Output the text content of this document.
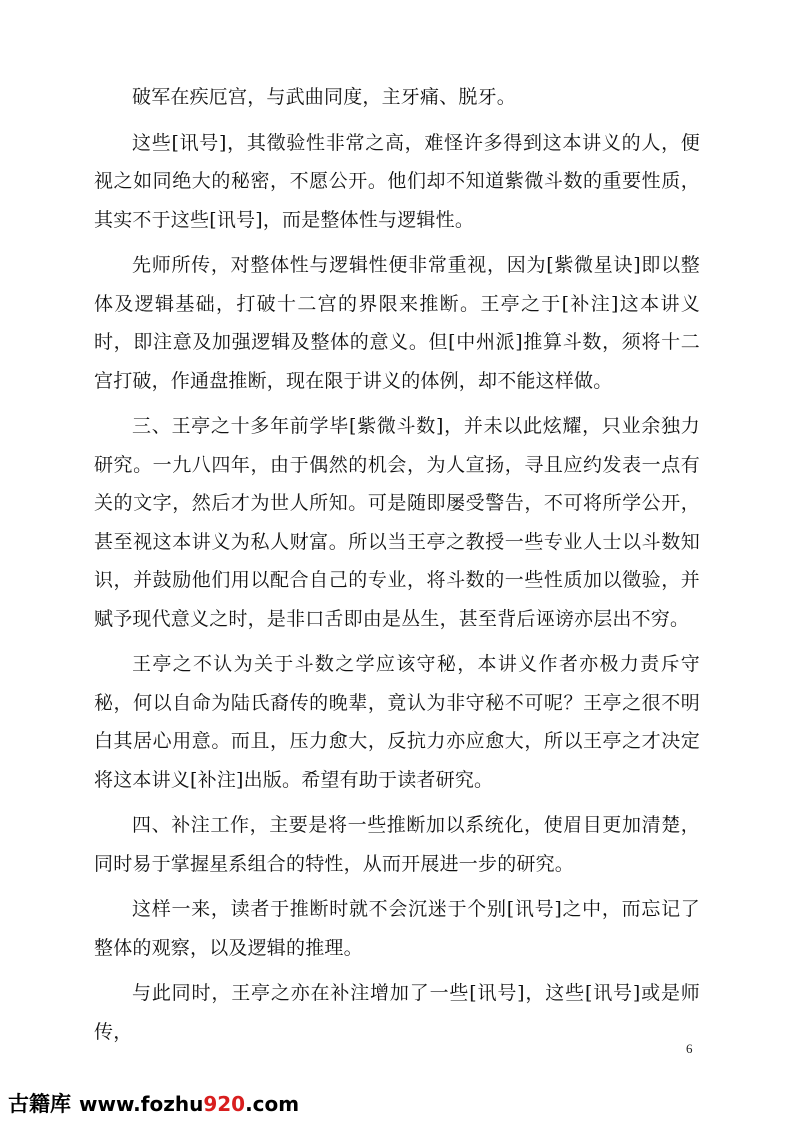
破军在疾厄宫，与武曲同度，主牙痛、脱牙。

这些[讯号]，其徵验性非常之高，难怪许多得到这本讲义的人，便视之如同绝大的秘密，不愿公开。他们却不知道紫微斗数的重要性质，其实不于这些[讯号]，而是整体性与逻辑性。

先师所传，对整体性与逻辑性便非常重视，因为[紫微星诀]即以整体及逻辑基础，打破十二宫的界限来推断。王亭之于[补注]这本讲义时，即注意及加强逻辑及整体的意义。但[中州派]推算斗数，须将十二宫打破，作通盘推断，现在限于讲义的体例，却不能这样做。

三、王亭之十多年前学毕[紫微斗数]，并未以此炫耀，只业余独力研究。一九八四年，由于偶然的机会，为人宣扬，寻且应约发表一点有关的文字，然后才为世人所知。可是随即屡受警告，不可将所学公开，甚至视这本讲义为私人财富。所以当王亭之教授一些专业人士以斗数知识，并鼓励他们用以配合自己的专业，将斗数的一些性质加以徵验，并赋予现代意义之时，是非口舌即由是丛生，甚至背后诬谤亦层出不穷。

王亭之不认为关于斗数之学应该守秘，本讲义作者亦极力责斥守秘，何以自命为陆氏裔传的晚辈，竟认为非守秘不可呢？王亭之很不明白其居心用意。而且，压力愈大，反抗力亦应愈大，所以王亭之才决定将这本讲义[补注]出版。希望有助于读者研究。

四、补注工作，主要是将一些推断加以系统化，使眉目更加清楚，同时易于掌握星系组合的特性，从而开展进一步的研究。

这样一来，读者于推断时就不会沉迷于个别[讯号]之中，而忘记了整体的观察，以及逻辑的推理。

与此同时，王亭之亦在补注增加了一些[讯号]，这些[讯号]或是师传，

6
古籍库 www.fozhu920.com
